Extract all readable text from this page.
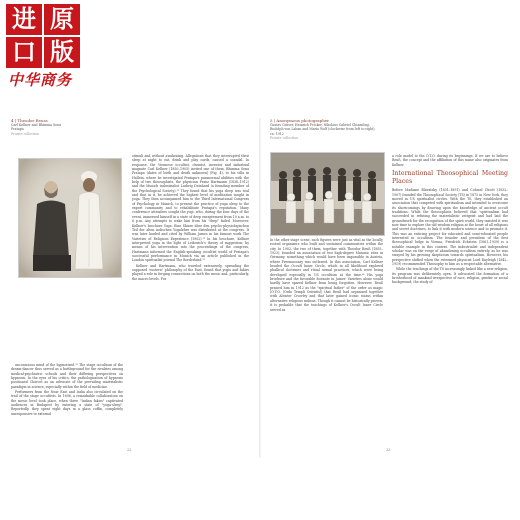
进 原
口 版
中华商务
4 | Theodor Reuss
Carl Kellner and Bhimma Sena Pratapa
Private collection

unconscious mind of the hypnotized.¹⁰ The stage occultism of the dream-dancer thus served as a battleground for the rivalries among medical-psychiatric schools and their differing perspectives on hypnosis. In the eyes of his critics, the pathologization of hypnosis positioned Charcot as an advocate of the prevailing materialistic paradigm in science, especially within the field of medicine.

Performers from the Near East and India also circulated on the trail of the stage occultists. In 1896, a remarkable collaboration on the mesic level took place, when three "Indian fakirs" captivated audiences in Budapest by entering a state of "yoga-sleep". Reportedly, they spent eight days in a glass coffin, completely unresponsive to external

stimuli and without awakening. Allegations that they interrupted their sleep at night to eat, drink and play cards, caused a scandal. In response, the Viennese occultist, chemist, inventor and industrial magnate Carl Kellner (1850–1905) invited one of them, Bhimma Sena Pratapa (dates of birth and death unknown) (Fig. 4), to his villa in Hallein, where he investigated Pratapa's paranormal abilities with the help of two theosophists, the physician Franz Hartmann (1838–1912) and the Munich industrialist Ludwig Deinhard (a founding member of the Psychological Society).¹¹ They found that his yoga sleep was real and that in it, he achieved the highest level of meditation taught in yoga. They then accompanied him to the Third International Congress of Psychology in Munich, to present the practice of yoga sleep to the expert community and to rehabilitate Pratapa's reputation. Many conference attendees sought the yogi, who, during the four days of the event, immersed himself in a state of deep enraptement from 10 a.m. to 6 p.m. Any attempts to wake him from his "deep" failed. Moreover, Kellner's brochure Yoga: Eine Skizze über den psycho-physiologischen Teil der alten indischen Yogalehre was distributed at the congress. It was later lauded and cited by William James in his famous work The Varieties of Religious Experience (1902).¹² In his brochure, Kellner interpreted yoga in the light of Leibovich's theory of suggestion; by means of his intervention into the proceedings of the congress, Hartmann informed the English-speaking occultist world of Pratapa's successful performance in Munich via an article published in the London spiritualist journal The Borderland.¹³

Kellner and Hartmann, who traveled extensively, spreading the supposed 'esoteric' philosophy of the East, found that yogis and fakirs played a role in forging connections on both the mesic and, particularly, the macro levels. For

22
5 | Anonymous photographer
Gustav Gräser, Heinrich Fricker, Nikolaus Gabriel Chtamling, Rudolph von Laban and Maria Wolf (clockwise from left to right), ca. 1912
Private collection

In the other stage scene, such figures were just as vital as the locally rooted organizers who built and sustained communities within the city. In 1902, the two of them, together with Theodor Reuß (1855–1923), founded an association of two high-degree Masonic rites in Germany, something which would have been impossible in Austria, where Freemasonry was outlawed. In this association, Carl Kellner headed the Occult Inner Circle, which in all likelihood explored phallical doctrines and ritual sexual practices, which were being developed especially in US occultism at the time.¹⁴ His yoga brochure and the favorable footnote in James' Varieties alone would hardly have spared Kellner from being forgotten. However, Reuß praised him in 1912 as the "spiritual father" of the order as magic (O.T.O. (Ordo Templi Orientis)) that Reuß had organized together with Aleister Crowley and that later gained iconic status within alternative religious milieus. Though it cannot be historically proven, it is probable that the teachings of Kellner's Occult Inner Circle served as

a role model to the O.T.O. during its beginnings. If we are to believe Reuß, the concept and the affiliation of this name also originates from Kellner.

International Theosophical Meeting Places

Before Madame Blavatsky (1831–1891) and Colonel Olcott (1832–1907) founded the Theosophical Society (TS) in 1875 in New York, they moved in US spiritualist circles. With the TS, they established an association that competed with spiritualism and intended to overcome its shortcomings by drawing upon the knowledge of ancient occult traditions. While the theosophists believed that 'spiritualism had succeeded in refuting the materialistic zeitgeist and had laid the groundwork for the recognition of the spirit world, they insisted it was now time to explore the old wisdom religion at the heart of all religions and secret doctrines, to link it with modern science and to promote it. This was an enticing project for educated and semi-educated people interested in occultism. The founder and president of the first theosophical lodge in Vienna, Friedrich Eckstein (1861–1939) is a notable example in this context. The industrialist and independent scholar was on the verge of abandoning occultism entirely, as he was swayed by his growing skepticism towards spiritualism. However, his perspective shifted when the esteemed physicist Lord Rayleigh (1842–1919) recommended Theosophy to him as a respectable alternative.

While the teachings of the TS increasingly linked like a new religion, its program was deliberately open. It advocated the formation of a brotherhood of mankind irrespective of race, religion, gender or social background; the study of

23
